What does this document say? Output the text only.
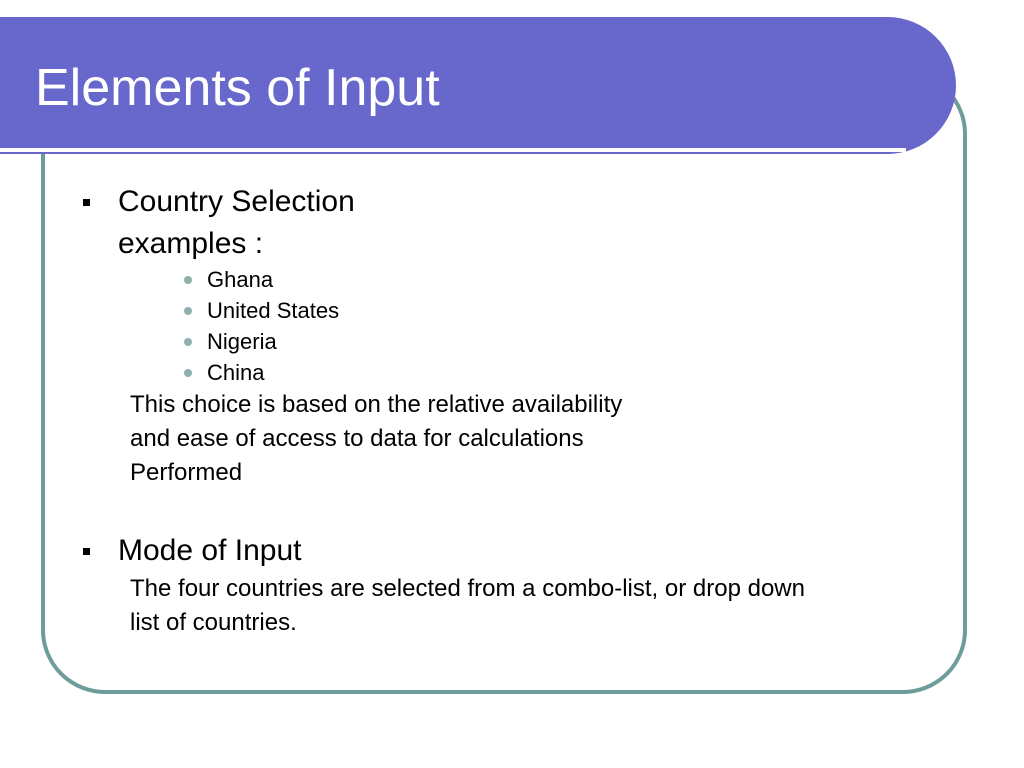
Elements of Input
Country Selection
examples :
Ghana
United States
Nigeria
China
This choice is based on the relative availability
and ease of access to data for calculations
Performed
Mode of Input
The four countries are selected from a combo-list, or drop down
list of countries.
